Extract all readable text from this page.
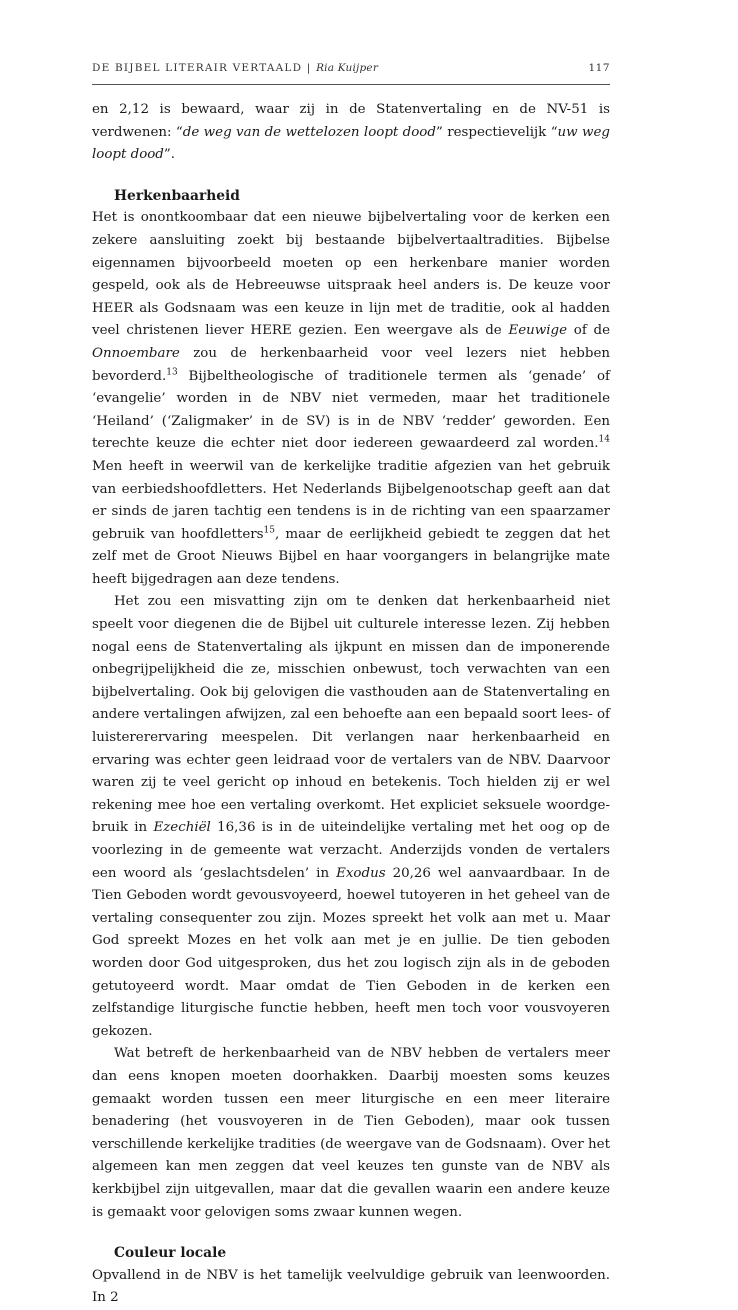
DE BIJBEL LITERAIR VERTAALD | Ria Kuijper	117

en 2,12 is bewaard, waar zij in de Statenvertaling en de NV-51 is verdwenen: “de weg van de wettelozen loopt dood” respectievelijk “uw weg loopt dood”.

Herkenbaarheid

Het is onontkoombaar dat een nieuwe bijbelvertaling voor de kerken een zekere aansluiting zoekt bij bestaande bijbelvertaaltradities. Bijbelse eigennamen bijvoorbeeld moeten op een herkenbare manier worden gespeld, ook als de Hebreeuwse uitspraak heel anders is. De keuze voor HEER als Godsnaam was een keuze in lijn met de traditie, ook al hadden veel christenen liever HERE gezien. Een weergave als de Eeuwige of de Onnoembare zou de herkenbaarheid voor veel lezers niet hebben bevorderd.$^{13}$ Bijbeltheologische of traditionele termen als ‘genade’ of ‘evangelie’ worden in de NBV niet vermeden, maar het traditionele ‘Heiland’ (‘Zaligmaker’ in de SV) is in de NBV ‘redder’ geworden. Een terechte keuze die echter niet door iedereen gewaardeerd zal worden.$^{14}$ Men heeft in weerwil van de kerkelijke traditie afgezien van het gebruik van eerbiedshoofdletters. Het Nederlands Bijbelgenootschap geeft aan dat er sinds de jaren tachtig een tendens is in de richting van een spaarzamer gebruik van hoofdletters$^{15}$, maar de eerlijkheid gebiedt te zeggen dat het zelf met de Groot Nieuws Bijbel en haar voorgangers in belangrijke mate heeft bijgedragen aan deze tendens.

Het zou een misvatting zijn om te denken dat herkenbaarheid niet speelt voor diegenen die de Bijbel uit culturele interesse lezen. Zij hebben nogal eens de Statenvertaling als ijkpunt en missen dan de imponerende onbegrijpelijkheid die ze, misschien onbewust, toch verwachten van een bijbelvertaling. Ook bij gelovigen die vasthouden aan de Statenvertaling en andere vertalingen afwijzen, zal een behoefte aan een bepaald soort lees- of luistererervaring meespelen. Dit verlangen naar herkenbaarheid en ervaring was echter geen leidraad voor de vertalers van de NBV. Daarvoor waren zij te veel gericht op inhoud en betekenis. Toch hielden zij er wel rekening mee hoe een vertaling overkomt. Het expliciet seksuele woordgebruik in Ezechiël 16,36 is in de uiteindelijke vertaling met het oog op de voorlezing in de gemeente wat verzacht. Anderzijds vonden de vertalers een woord als ‘geslachtsdelen’ in Exodus 20,26 wel aanvaardbaar. In de Tien Geboden wordt gevousvoyeerd, hoewel tutoyeren in het geheel van de vertaling consequenter zou zijn. Mozes spreekt het volk aan met u. Maar God spreekt Mozes en het volk aan met je en jullie. De tien geboden worden door God uitgesproken, dus het zou logisch zijn als in de geboden getutoyeerd wordt. Maar omdat de Tien Geboden in de kerken een zelfstandige liturgische functie hebben, heeft men toch voor vousvoyeren gekozen.

Wat betreft de herkenbaarheid van de NBV hebben de vertalers meer dan eens knopen moeten doorhakken. Daarbij moesten soms keuzes gemaakt worden tussen een meer liturgische en een meer literaire benadering (het vousvoyeren in de Tien Geboden), maar ook tussen verschillende kerkelijke tradities (de weergave van de Godsnaam). Over het algemeen kan men zeggen dat veel keuzes ten gunste van de NBV als kerkbijbel zijn uitgevallen, maar dat die gevallen waarin een andere keuze is gemaakt voor gelovigen soms zwaar kunnen wegen.

Couleur locale

Opvallend in de NBV is het tamelijk veelvuldige gebruik van leenwoorden. In 2
